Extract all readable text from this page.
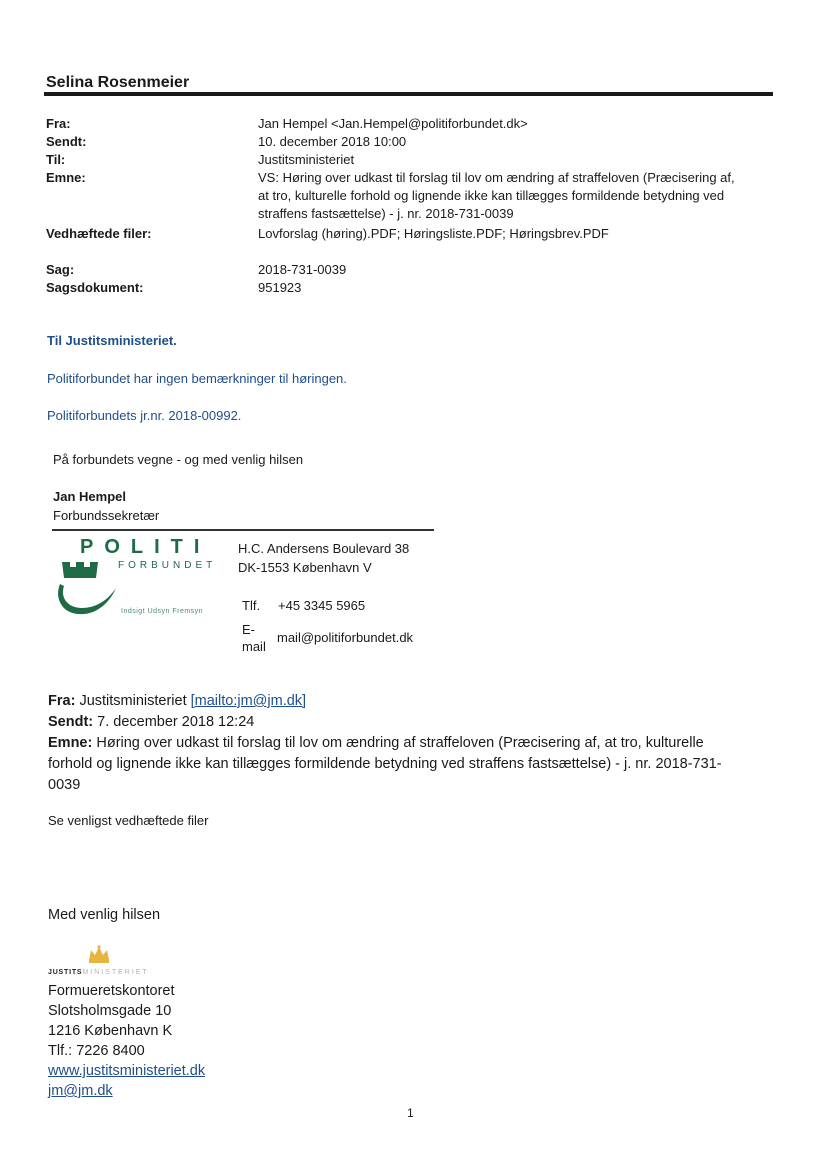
Selina Rosenmeier
Fra:	Jan Hempel <Jan.Hempel@politiforbundet.dk>
Sendt:	10. december 2018 10:00
Til:	Justitsministeriet
Emne:	VS: Høring over udkast til forslag til lov om ændring af straffeloven (Præcisering af,
at tro, kulturelle forhold og lignende ikke kan tillægges formildende betydning ved
straffens fastsættelse) - j. nr. 2018-731-0039
Vedhæftede filer:	Lovforslag (høring).PDF; Høringsliste.PDF; Høringsbrev.PDF
Sag:	2018-731-0039
Sagsdokument:	951923
Til Justitsministeriet.
Politiforbundet har ingen bemærkninger til høringen.
Politiforbundets jr.nr. 2018-00992.
På forbundets vegne - og med venlig hilsen
Jan Hempel
Forbundssekretær
POLITI
FORBUNDET
Indsigt Udsyn Fremsyn
H.C. Andersens Boulevard 38
DK-1553 København V
Tlf. +45 3345 5965
E-
mail
mail@politiforbundet.dk
Fra: Justitsministeriet [mailto:jm@jm.dk]
Sendt: 7. december 2018 12:24
Emne: Høring over udkast til forslag til lov om ændring af straffeloven (Præcisering af, at tro, kulturelle
forhold og lignende ikke kan tillægges formildende betydning ved straffens fastsættelse) - j. nr. 2018-731-
0039
Se venligst vedhæftede filer
Med venlig hilsen
JUSTITSMINISTERIET
Formueretskontoret
Slotsholmsgade 10
1216 København K
Tlf.: 7226 8400
www.justitsministeriet.dk
jm@jm.dk
1
